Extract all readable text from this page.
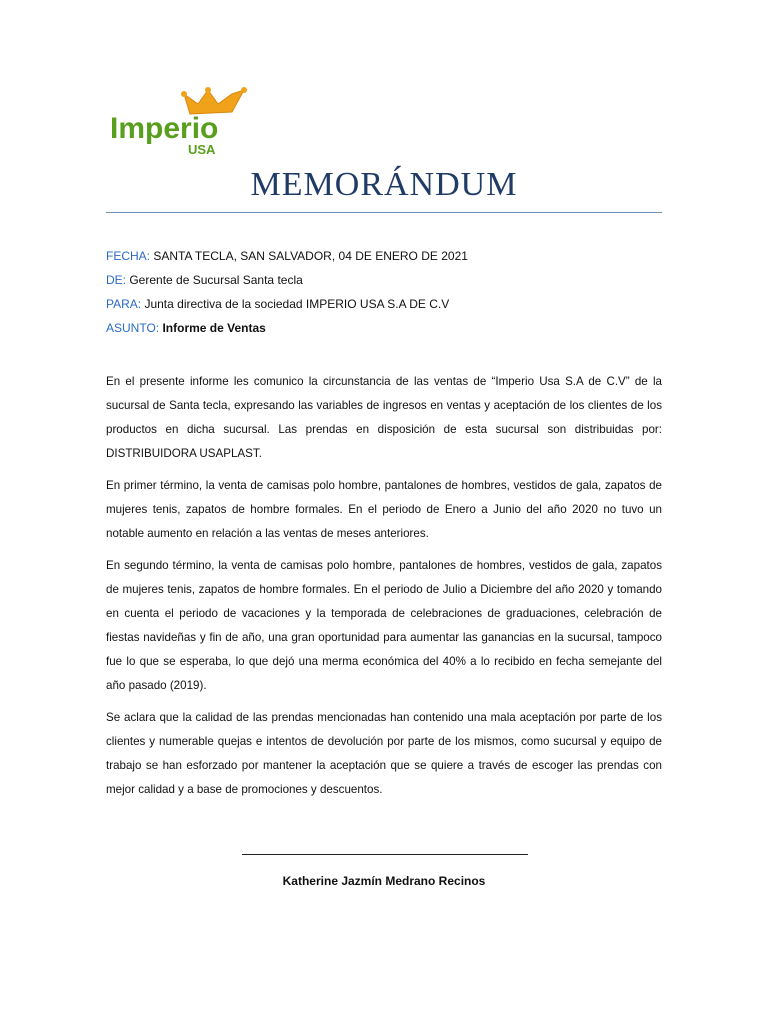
Imperio
USA
MEMORÁNDUM
FECHA: SANTA TECLA, SAN SALVADOR, 04 DE ENERO DE 2021
DE: Gerente de Sucursal Santa tecla
PARA: Junta directiva de la sociedad IMPERIO USA S.A DE C.V
ASUNTO: Informe de Ventas

En el presente informe les comunico la circunstancia de las ventas de “Imperio Usa S.A de C.V” de la sucursal de Santa tecla, expresando las variables de ingresos en ventas y aceptación de los clientes de los productos en dicha sucursal. Las prendas en disposición de esta sucursal son distribuidas por: DISTRIBUIDORA USAPLAST.

En primer término, la venta de camisas polo hombre, pantalones de hombres, vestidos de gala, zapatos de mujeres tenis, zapatos de hombre formales. En el periodo de Enero a Junio del año 2020 no tuvo un notable aumento en relación a las ventas de meses anteriores.

En segundo término, la venta de camisas polo hombre, pantalones de hombres, vestidos de gala, zapatos de mujeres tenis, zapatos de hombre formales. En el periodo de Julio a Diciembre del año 2020 y tomando en cuenta el periodo de vacaciones y la temporada de celebraciones de graduaciones, celebración de fiestas navideñas y fin de año, una gran oportunidad para aumentar las ganancias en la sucursal, tampoco fue lo que se esperaba, lo que dejó una merma económica del 40% a lo recibido en fecha semejante del año pasado (2019).

Se aclara que la calidad de las prendas mencionadas han contenido una mala aceptación por parte de los clientes y numerable quejas e intentos de devolución por parte de los mismos, como sucursal y equipo de trabajo se han esforzado por mantener la aceptación que se quiere a través de escoger las prendas con mejor calidad y a base de promociones y descuentos.

Katherine Jazmín Medrano Recinos
